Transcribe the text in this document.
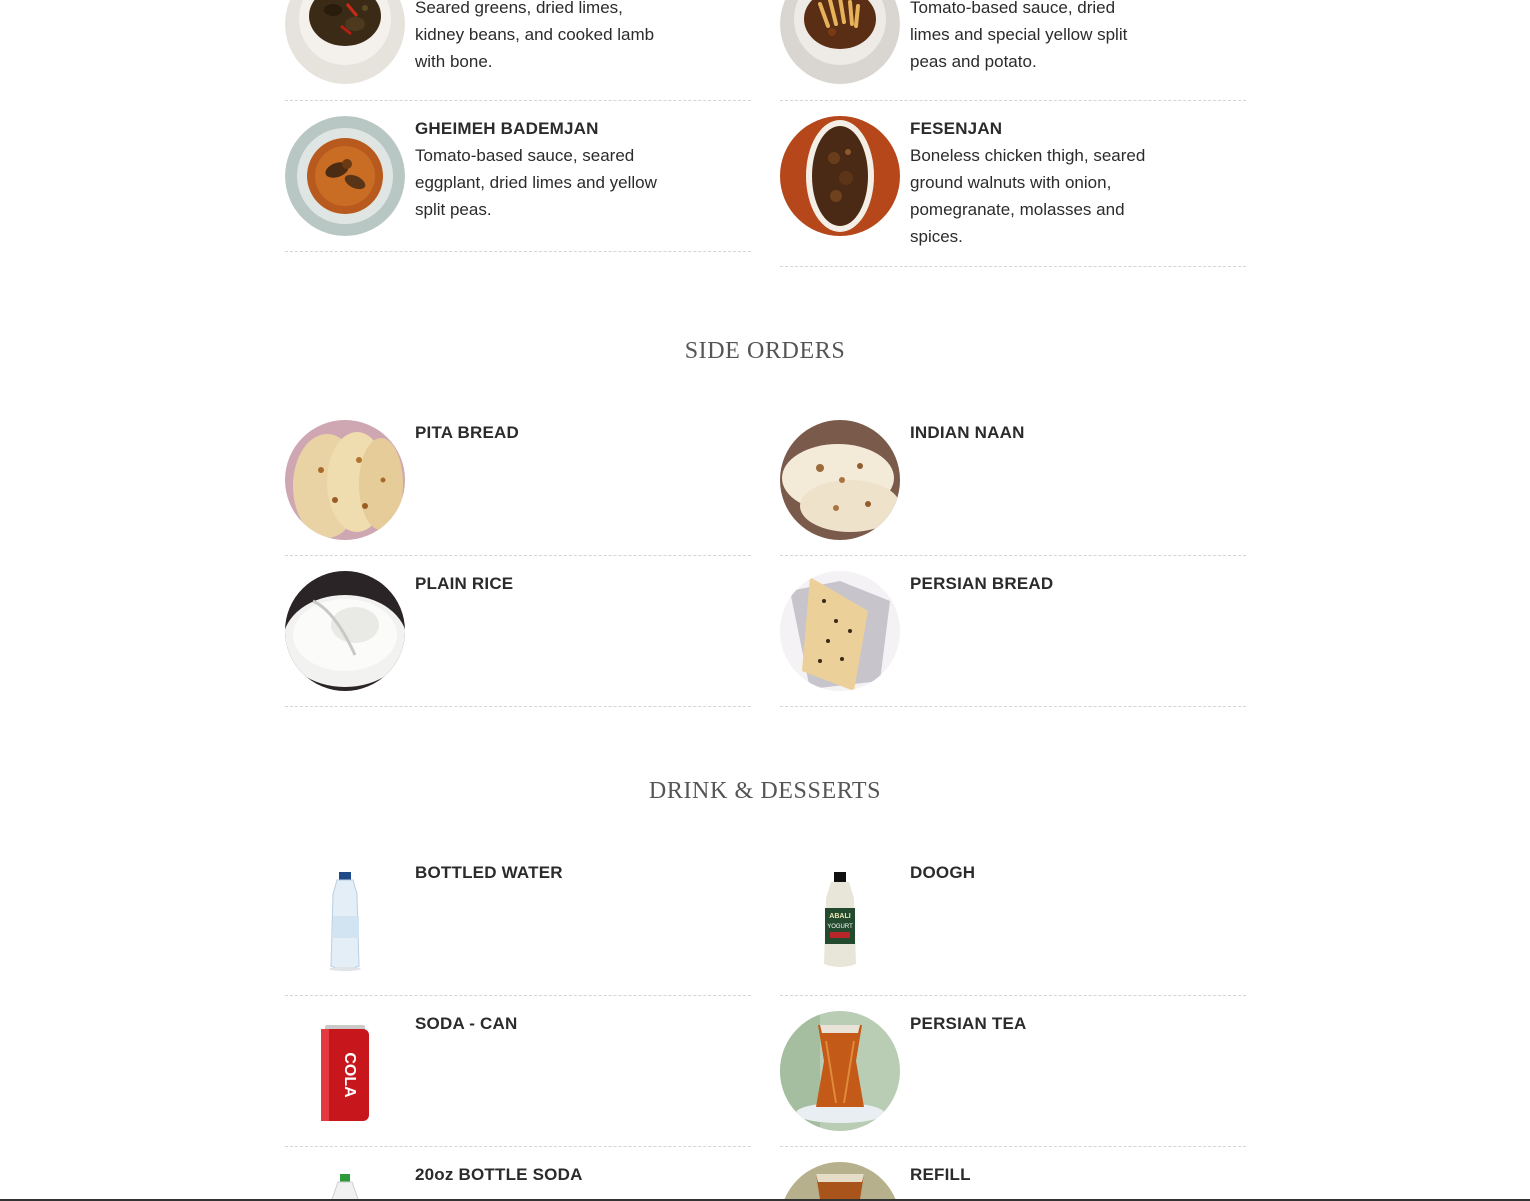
Seared greens, dried limes, kidney beans, and cooked lamb with bone.

Tomato-based sauce, dried limes and special yellow split peas and potato.

GHEIMEH BADEMJAN

Tomato-based sauce, seared eggplant, dried limes and yellow split peas.

FESENJAN

Boneless chicken thigh, seared ground walnuts with onion, pomegranate, molasses and spices.

SIDE ORDERS
PITA BREAD	INDIAN NAAN
PLAIN RICE	PERSIAN BREAD
DRINK & DESSERTS
BOTTLED WATER
ABALI
YOGURT
DOOGH
COLA
SODA - CAN	PERSIAN TEA
20oz BOTTLE SODA	REFILL
